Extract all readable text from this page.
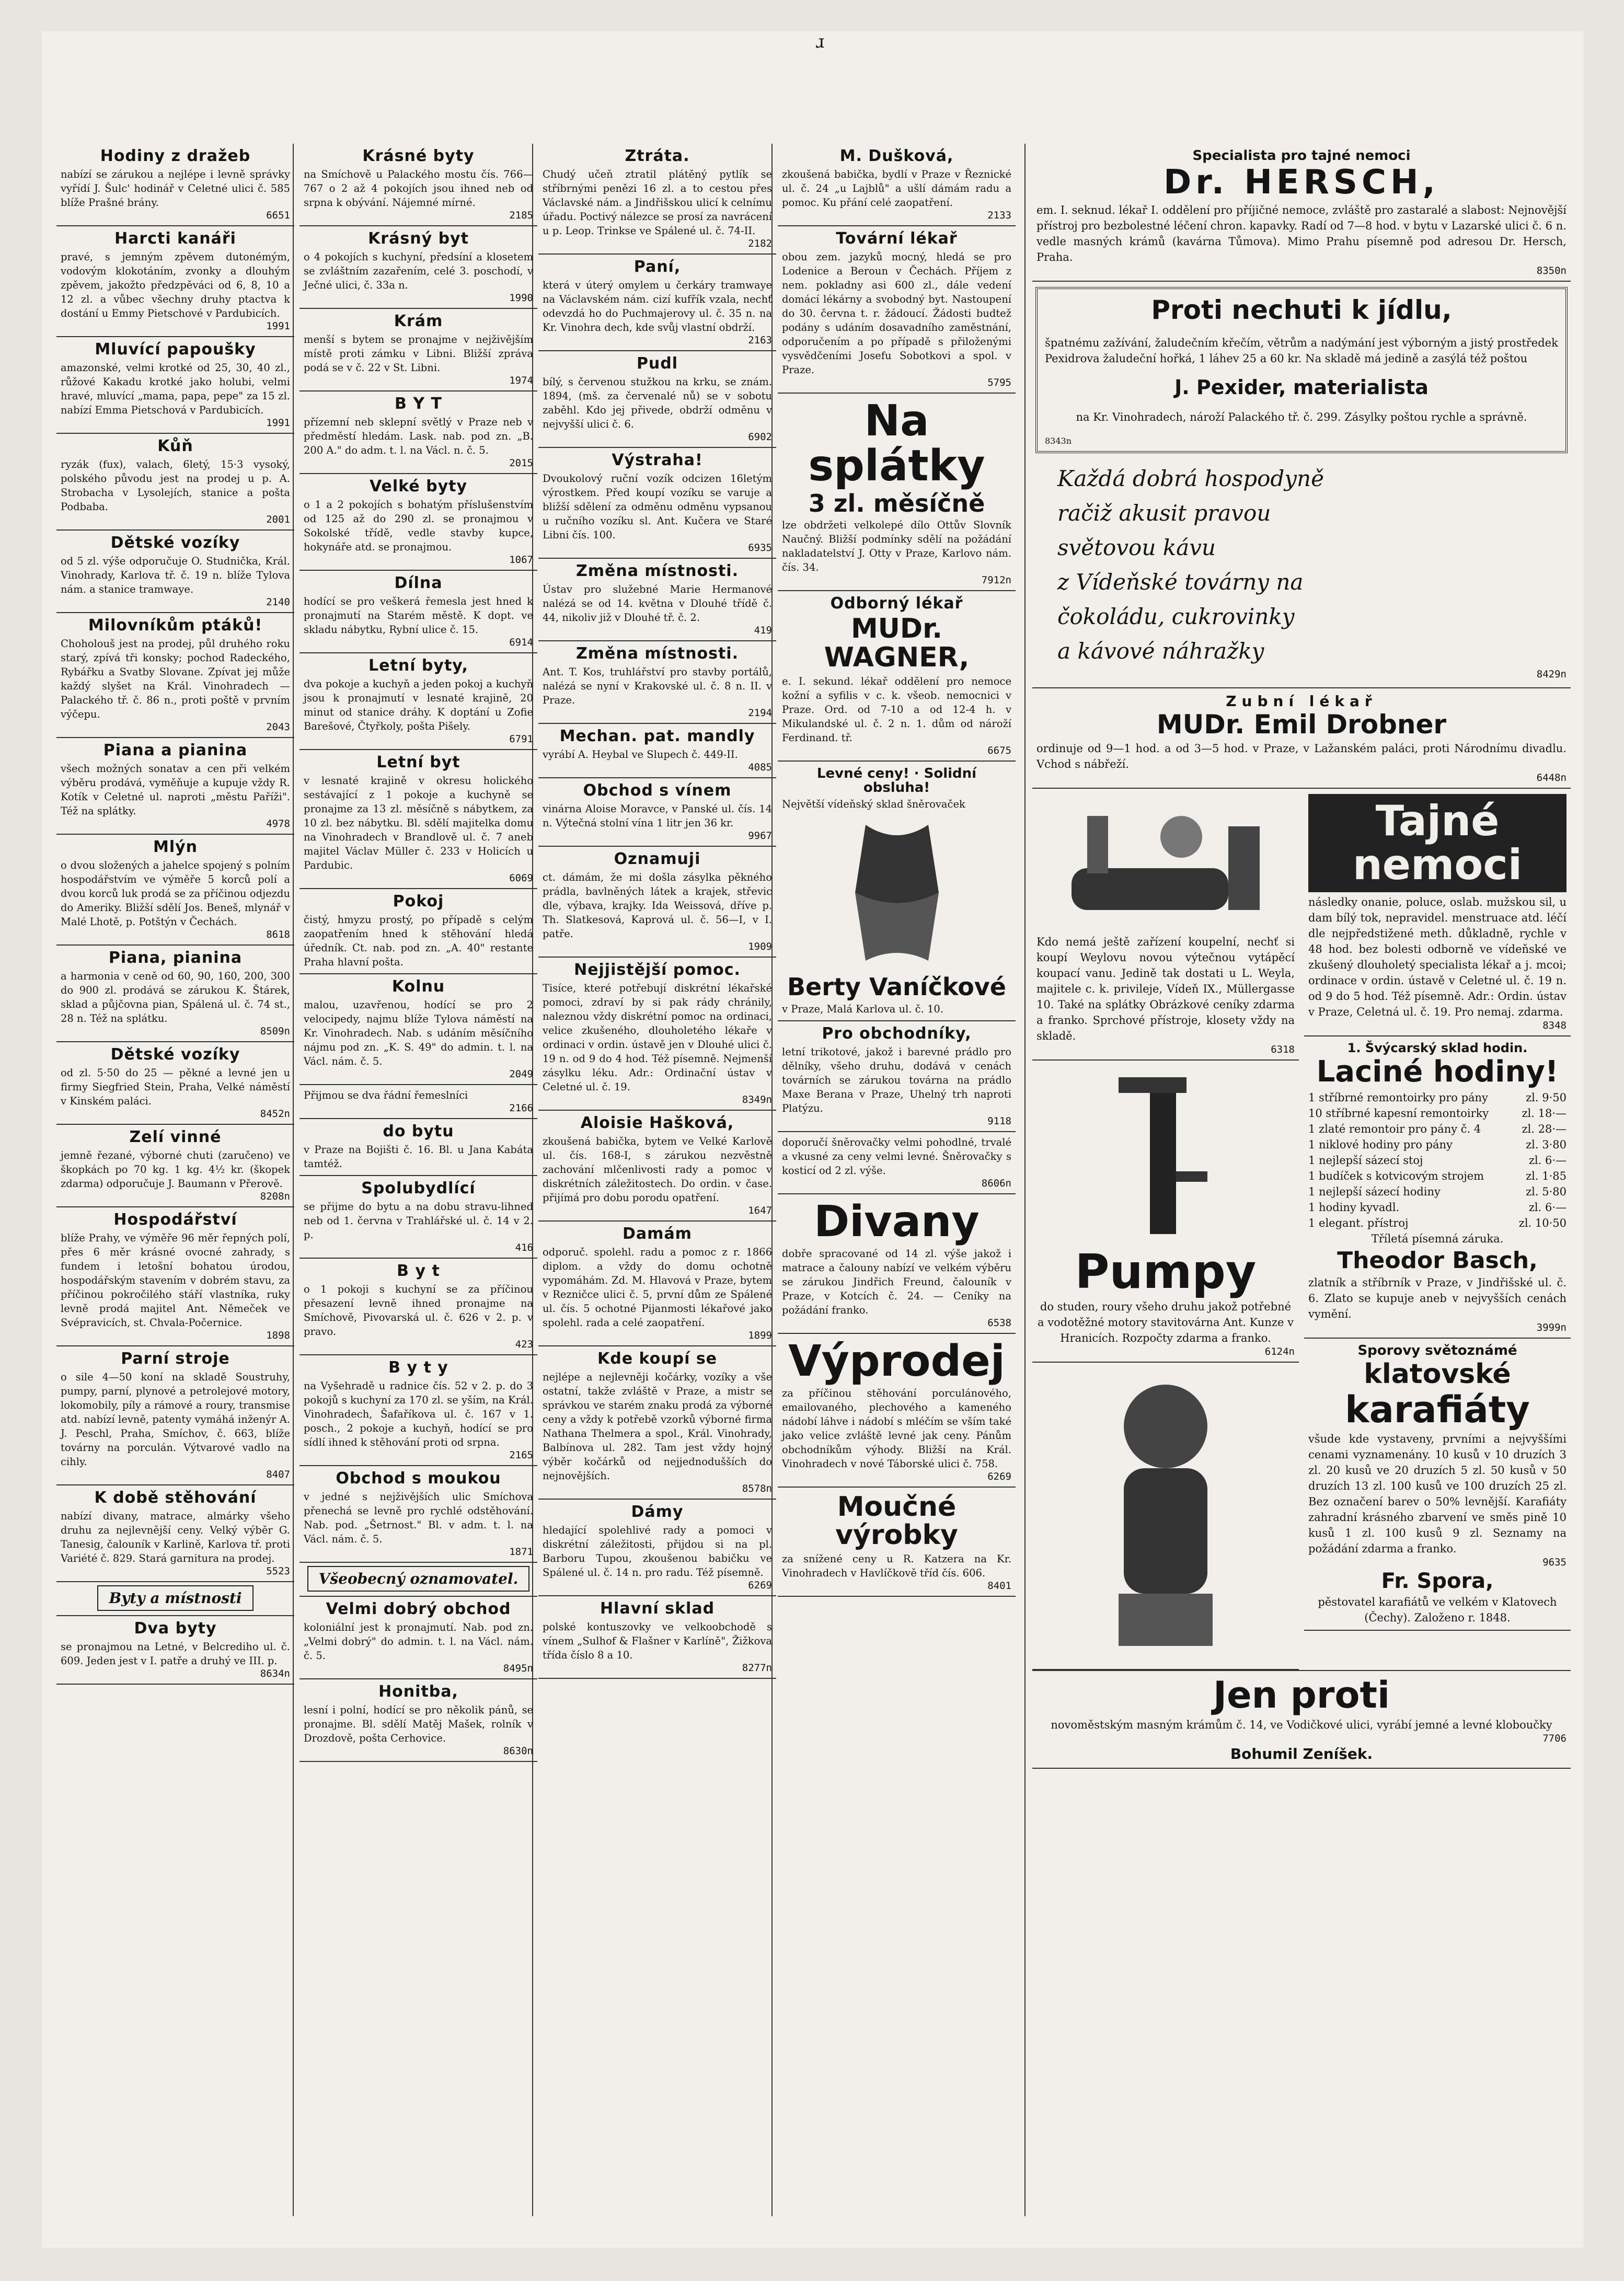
ɹ
Hodiny z dražeb

nabízí se zárukou a nejlépe i levně správky vyřídí J. Šulc' hodinář v Celetné ulici č. 585 blíže Prašné brány.

6651
Harcti kanáři

pravé, s jemným zpěvem dutonémým, vodovým klokotáním, zvonky a dlouhým zpěvem, jakožto předzpěváci od 6, 8, 10 a 12 zl. a vůbec všechny druhy ptactva k dostání u Emmy Pietschové v Pardubicích.

1991
Mluvící papoušky

amazonské, velmi krotké od 25, 30, 40 zl., růžové Kakadu krotké jako holubi, velmi hravé, mluvící „mama, papa, pepe" za 15 zl. nabízí Emma Pietschová v Pardubicích.

1991
Kůň

ryzák (fux), valach, 6letý, 15·3 vysoký, polského původu jest na prodej u p. A. Strobacha v Lysolejích, stanice a pošta Podbaba.

2001
Dětské vozíky

od 5 zl. výše odporučuje O. Studnička, Král. Vinohrady, Karlova tř. č. 19 n. blíže Tylova nám. a stanice tramwaye.

2140
Milovníkům ptáků!

Choholouš jest na prodej, půl druhého roku starý, zpívá tři konsky; pochod Radeckého, Rybářku a Svatby Slovane. Zpívat jej může každý slyšet na Král. Vinohradech — Palackého tř. č. 86 n., proti poště v prvním výčepu.

2043
Piana a pianina

všech možných sonatav a cen při velkém výběru prodává, vyměňuje a kupuje vždy R. Kotík v Celetné ul. naproti „městu Paříži". Též na splátky.

4978
Mlýn

o dvou složených a jahelce spojený s polním hospodářstvím ve výměře 5 korců polí a dvou korců luk prodá se za příčinou odjezdu do Ameriky. Bližší sdělí Jos. Beneš, mlynář v Malé Lhotě, p. Potštýn v Čechách.

8618
Piana, pianina

a harmonia v ceně od 60, 90, 160, 200, 300 do 900 zl. prodává se zárukou K. Štárek, sklad a půjčovna pian, Spálená ul. č. 74 st., 28 n. Též na splátku.

8509n
Dětské vozíky

od zl. 5·50 do 25 — pěkné a levné jen u firmy Siegfried Stein, Praha, Velké náměstí v Kinském paláci.

8452n
Zelí vinné

jemně řezané, výborné chuti (zaručeno) ve škopkách po 70 kg. 1 kg. 4½ kr. (škopek zdarma) odporučuje J. Baumann v Přerově.

8208n
Hospodářství

blíže Prahy, ve výměře 96 měr řepných polí, přes 6 měr krásné ovocné zahrady, s fundem i letošní bohatou úrodou, hospodářským stavením v dobrém stavu, za příčinou pokročilého stáří vlastníka, ruky levně prodá majitel Ant. Němeček ve Svépravicích, st. Chvala-Počernice.

1898
Parní stroje

o sile 4—50 koní na skladě Soustruhy, pumpy, parní, plynové a petrolejové motory, lokomobily, píly a rámové a roury, transmise atd. nabízí levně, patenty vymáhá inženýr A. J. Peschl, Praha, Smíchov, č. 663, blíže továrny na porculán. Výtvarové vadlo na cihly.

8407
K době stěhování

nabízí divany, matrace, almárky všeho druhu za nejlevnější ceny. Velký výběr G. Tanesig, čalouník v Karlině, Karlova tř. proti Variété č. 829. Stará garnitura na prodej.

5523
Byty a místnosti
Dva byty

se pronajmou na Letné, v Belcrediho ul. č. 609. Jeden jest v I. patře a druhý ve III. p.

8634n
Krásné byty

na Smíchově u Palackého mostu čís. 766—767 o 2 až 4 pokojích jsou ihned neb od srpna k obývání. Nájemné mírné.

2185
Krásný byt

o 4 pokojích s kuchyní, předsíní a klosetem se zvláštním zazařením, celé 3. poschodí, v Ječné ulici, č. 33a n.

1990
Krám

menší s bytem se pronajme v nejživějším místě proti zámku v Libni. Bližší zpráva podá se v č. 22 v St. Libni.

1974
B Y T

přízemní neb sklepní světlý v Praze neb v předměstí hledám. Lask. nab. pod zn. „B. 200 A." do adm. t. l. na Václ. n. č. 5.

2015
Velké byty

o 1 a 2 pokojích s bohatým příslušenstvím od 125 až do 290 zl. se pronajmou v Sokolské třídě, vedle stavby kupce, hokynáře atd. se pronajmou.

1067
Dílna

hodící se pro veškerá řemesla jest hned k pronajmutí na Starém městě. K dopt. ve skladu nábytku, Rybní ulice č. 15.

6914
Letní byty,

dva pokoje a kuchyň a jeden pokoj a kuchyň jsou k pronajmutí v lesnaté krajině, 20 minut od stanice dráhy. K doptání u Zofie Barešové, Čtyřkoly, pošta Pišely.

6791
Letní byt

v lesnaté krajině v okresu holického sestávající z 1 pokoje a kuchyně se pronajme za 13 zl. měsíčně s nábytkem, za 10 zl. bez nábytku. Bl. sdělí majitelka domu na Vinohradech v Brandlově ul. č. 7 aneb majitel Václav Müller č. 233 v Holicích u Pardubic.

6069
Pokoj

čistý, hmyzu prostý, po případě s celým zaopatřením hned k stěhování hledá úředník. Ct. nab. pod zn. „A. 40" restante Praha hlavní pošta.

Kolnu

malou, uzavřenou, hodící se pro 2 velocipedy, najmu blíže Tylova náměstí na Kr. Vinohradech. Nab. s udáním měsíčního nájmu pod zn. „K. S. 49" do admin. t. l. na Václ. nám. č. 5.

2049

Přijmou se dva řádní řemeslníci

2166
do bytu

v Praze na Bojišti č. 16. Bl. u Jana Kabáta tamtéž.

Spolubydlící

se přijme do bytu a na dobu stravu-lihned neb od 1. června v Trahlářské ul. č. 14 v 2. p.

416
B y t

o 1 pokoji s kuchyní se za příčinou přesazení levně ihned pronajme na Smíchově, Pivovarská ul. č. 626 v 2. p. v pravo.

423
B y t y

na Vyšehradě u radnice čís. 52 v 2. p. do 3 pokojů s kuchyní za 170 zl. se yším, na Král. Vinohradech, Šafaříkova ul. č. 167 v 1. posch., 2 pokoje a kuchyň, hodící se pro sídlí ihned k stěhování proti od srpna.

2165
Obchod s moukou

v jedné s nejživějších ulic Smíchova přenechá se levně pro rychlé odstěhování. Nab. pod. „Šetrnost." Bl. v adm. t. l. na Václ. nám. č. 5.

1871
Všeobecný oznamovatel.
Velmi dobrý obchod

koloniální jest k pronajmutí. Nab. pod zn. „Velmi dobrý" do admin. t. l. na Václ. nám. č. 5.

8495n
Honitba,

lesní i polní, hodící se pro několik pánů, se pronajme. Bl. sdělí Matěj Mašek, rolník v Drozdově, pošta Cerhovice.

8630n
Ztráta.

Chudý učeň ztratil plátěný pytlík se stříbrnými penězi 16 zl. a to cestou přes Václavské nám. a Jindřišskou ulicí k celnímu úřadu. Poctivý nálezce se prosí za navrácení u p. Leop. Trinkse ve Spálené ul. č. 74-II.

2182
Paní,

která v úterý omylem u čerkáry tramwaye na Václavském nám. cizí kufřík vzala, nechť odevzdá ho do Puchmajerovy ul. č. 35 n. na Kr. Vinohra dech, kde svůj vlastní obdrží.

2163
Pudl

bílý, s červenou stužkou na krku, se znám. 1894, (mš. za červenalé nů) se v sobotu zaběhl. Kdo jej přivede, obdrží odměnu v nejvyšší ulici č. 6.

6902
Výstraha!

Dvoukolový ruční vozík odcizen 16letým výrostkem. Před koupí vozíku se varuje a bližší sdělení za odměnu odměnu vypsanou u ručního vozíku sl. Ant. Kučera ve Staré Libni čís. 100.

6935
Změna místnosti.

Ústav pro služebné Marie Hermanové nalézá se od 14. května v Dlouhé třídě č. 44, nikoliv již v Dlouhé tř. č. 2.

419
Změna místnosti.

Ant. T. Kos, truhlářství pro stavby portálů, nalézá se nyní v Krakovské ul. č. 8 n. II. v Praze.

2194
Mechan. pat. mandly

vyrábí A. Heybal ve Slupech č. 449-II.

4085
Obchod s vínem

vinárna Aloise Moravce, v Panské ul. čís. 14 n. Výtečná stolní vína 1 litr jen 36 kr.

9967
Oznamuji

ct. dámám, že mi došla zásylka pěkného prádla, bavlněných látek a krajek, střevic dle, výbava, krajky. Ida Weissová, dříve p. Th. Slatkesová, Kaprová ul. č. 56—I, v I. patře.

1909
Nejjistější pomoc.

Tisíce, které potřebují diskrétní lékařské pomoci, zdraví by si pak rády chránily, naleznou vždy diskrétní pomoc na ordinaci, velice zkušeného, dlouholetého lékaře v ordinaci v ordin. ústavě jen v Dlouhé ulici č. 19 n. od 9 do 4 hod. Též písemně. Nejmenší zásylku léku. Adr.: Ordinační ústav v Celetné ul. č. 19.

8349n
Aloisie Hašková,

zkoušená babička, bytem ve Velké Karlově ul. čís. 168-I, s zárukou nezvěstně zachování mlčenlivosti rady a pomoc v diskrétních záležitostech. Do ordin. v čase. přijímá pro dobu porodu opatření.

1647
Damám

odporuč. spolehl. radu a pomoc z r. 1866 diplom. a vždy do domu ochotně vypomáhám. Zd. M. Hlavová v Praze, bytem v Rezničce ulici č. 5, první dům ze Spálené ul. čís. 5 ochotné Pijanmosti lékařové jako spolehl. rada a celé zaopatření.

1899
Kde koupí se

nejlépe a nejlevněji kočárky, vozíky a vše ostatní, takže zvláště v Praze, a mistr se správkou ve starém znaku prodá za výborné ceny a vždy k potřebě vzorků výborné firma Nathana Thelmera a spol., Král. Vinohrady, Balbínova ul. 282. Tam jest vždy hojný výběr kočárků od nejjednodušších do nejnovějších.

8578n
Dámy

hledající spolehlivé rady a pomoci v diskrétní záležitosti, přijdou si na pl. Barboru Tupou, zkoušenou babičku ve Spálené ul. č. 14 n. pro radu. Též písemně.

6269
Hlavní sklad

polské kontuszovky ve velkoobchodě s vínem „Sulhof & Flašner v Karlíně", Žižkova třída číslo 8 a 10.

8277n
M. Dušková,

zkoušená babička, bydlí v Praze v Řeznické ul. č. 24 „u Lajblů" a ušlí dámám radu a pomoc. Ku přání celé zaopatření.

2133
Tovární lékař

obou zem. jazyků mocný, hledá se pro Lodenice a Beroun v Čechách. Příjem z nem. pokladny asi 600 zl., dále vedení domácí lékárny a svobodný byt. Nastoupení do 30. června t. r. žádoucí. Žádosti budtež podány s udáním dosavadního zaměstnání, odporučením a po případě s přiloženými vysvědčeními Josefu Sobotkovi a spol. v Praze.

5795
Na splátky
3 zl. měsíčně

lze obdržeti velkolepé dílo Ottův Slovník Naučný. Bližší podmínky sdělí na požádání nakladatelství J. Otty v Praze, Karlovo nám. čís. 34.

7912n
Odborný lékař
MUDr. WAGNER,

e. I. sekund. lékař oddělení pro nemoce kožní a syfilis v c. k. všeob. nemocnici v Praze. Ord. od 7-10 a od 12-4 h. v Mikulandské ul. č. 2 n. 1. dům od nároží Ferdinand. tř.

6675
Levné ceny! · Solidní obsluha!

Největší vídeňský sklad šněrovaček

Berty Vaníčkové

v Praze, Malá Karlova ul. č. 10.

Pro obchodníky,

letní trikotové, jakož i barevné prádlo pro dělníky, všeho druhu, dodává v cenách továrních se zárukou továrna na prádlo Maxe Berana v Praze, Uhelný trh naproti Platýzu.

9118

doporučí šněrovačky velmi pohodlné, trvalé a vkusné za ceny velmi levné. Šněrovačky s kosticí od 2 zl. výše.

8606n
Divany

dobře spracované od 14 zl. výše jakož i matrace a čalouny nabízí ve velkém výběru se zárukou Jindřich Freund, čalouník v Praze, v Kotcích č. 24. — Ceníky na požádání franko.

6538
Výprodej

za příčinou stěhování porculánového, emailovaného, plechového a kameného nádobí láhve i nádobí s mléčím se vším také jako velice zvláště levné jak ceny. Pánům obchodníkům výhody. Bližší na Král. Vinohradech v nové Táborské ulici č. 758.

6269
Moučné výrobky

za snížené ceny u R. Katzera na Kr. Vinohradech v Havlíčkově tříd čís. 606.

8401
Specialista pro tajné nemoci
Dr. HERSCH,

em. I. seknud. lékař I. oddělení pro příjičné nemoce, zvláště pro zastaralé a slabost: Nejnovější přístroj pro bezbolestné léčení chron. kapavky. Radí od 7—8 hod. v bytu v Lazarské ulici č. 6 n. vedle masných krámů (kavárna Tůmova). Mimo Prahu písemně pod adresou Dr. Hersch, Praha.

8350n
Proti nechuti k jídlu,

špatnému zažívání, žaludečním křečím, větrům a nadýmání jest výborným a jistý prostředek Pexidrova žaludeční hořká, 1 láhev 25 a 60 kr. Na skladě má jedině a zasýlá též poštou

J. Pexider, materialista

na Kr. Vinohradech, nároží Palackého tř. č. 299. Zásylky poštou rychle a správně.

8343n
Každá dobrá hospodyně
račiž akusit pravou
světovou kávu
z Vídeňské továrny na
čokoládu, cukrovinky
a kávové náhražky
8429n
Zubní lékař
MUDr. Emil Drobner

ordinuje od 9—1 hod. a od 3—5 hod. v Praze, v Lažanském paláci, proti Národnímu divadlu. Vchod s nábřeží.

6448n

Kdo nemá ještě zařízení koupelní, nechť si koupí Weylovu novou výtečnou vytápěcí koupací vanu. Jedině tak dostati u L. Weyla, majitele c. k. privileje, Vídeň IX., Müllergasse 10. Také na splátky Obrázkové ceníky zdarma a franko. Sprchové přístroje, klosety vždy na skladě.

6318
Pumpy

do studen, roury všeho druhu jakož potřebné a vodotěžné motory stavitovárna Ant. Kunze v Hranicích. Rozpočty zdarma a franko.

6124n
Tajné nemoci

následky onanie, poluce, oslab. mužskou sil, u dam bílý tok, nepravidel. menstruace atd. léčí dle nejpředstižené meth. důkladně, rychle v 48 hod. bez bolesti odborně ve vídeňské ve zkušený dlouholetý specialista lékař a j. mcoi; ordinace v ordin. ústavě v Celetné ul. č. 19 n. od 9 do 5 hod. Též písemně. Adr.: Ordin. ústav v Praze, Celetná ul. č. 19. Pro nemaj. zdarma.

8348
1. Švýcarský sklad hodin.
Laciné hodiny!
1 stříbrné remontoirky pro pány	zl. 9·50
10 stříbrné kapesní remontoirky	zl. 18·—
1 zlaté remontoir pro pány č. 4	zl. 28·—
1 niklové hodiny pro pány	zl. 3·80
1 nejlepší sázecí stoj	zl. 6·—
1 budíček s kotvicovým strojem	zl. 1·85
1 nejlepší sázecí hodiny	zl. 5·80
1 hodiny kyvadl.	zl. 6·—
1 elegant. přístroj	zl. 10·50

Tříletá písemná záruka.

Theodor Basch,

zlatník a stříbrník v Praze, v Jindřišské ul. č. 6. Zlato se kupuje aneb v nejvyšších cenách vymění.

3999n
Sporovy světoznámé
klatovské
karafiáty

všude kde vystaveny, prvními a nejvyššími cenami vyznamenány. 10 kusů v 10 druzích 3 zl. 20 kusů ve 20 druzích 5 zl. 50 kusů v 50 druzích 13 zl. 100 kusů ve 100 druzích 25 zl. Bez označení barev o 50% levnější. Karafiáty zahradní krásného zbarvení ve směs pině 10 kusů 1 zl. 100 kusů 9 zl. Seznamy na požádání zdarma a franko.

9635
Fr. Spora,

pěstovatel karafiátů ve velkém v Klatovech (Čechy). Založeno r. 1848.

Jen proti

novoměstským masným krámům č. 14, ve Vodičkové ulici, vyrábí jemné a levné kloboučky

7706
Bohumil Zeníšek.
